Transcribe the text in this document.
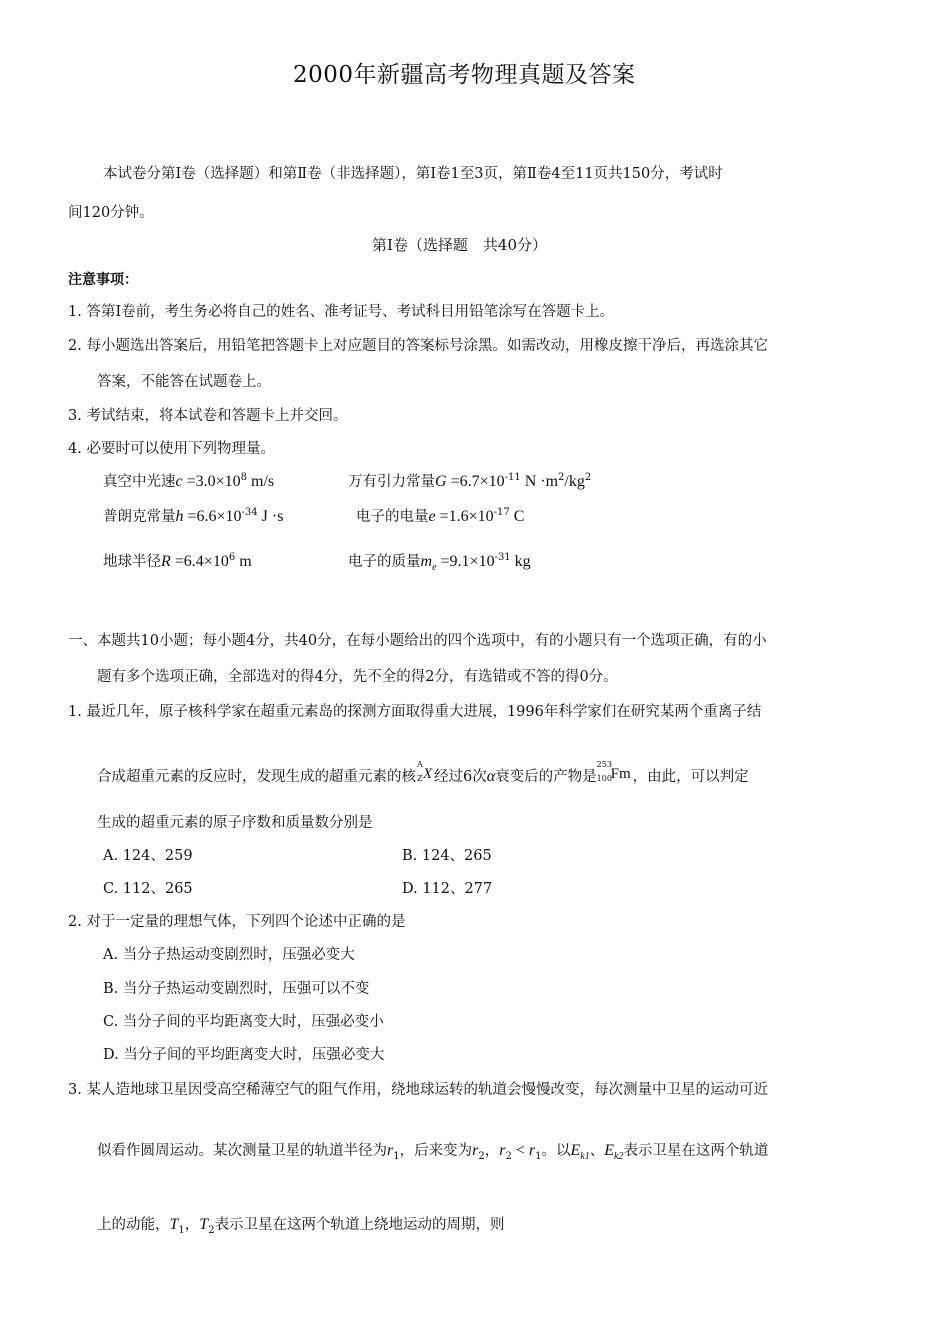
2000年新疆高考物理真题及答案
本试卷分第Ⅰ卷（选择题）和第Ⅱ卷（非选择题），第Ⅰ卷1至3页，第Ⅱ卷4至11页共150分，考试时
间120分钟。
第Ⅰ卷（选择题　共40分）
注意事项：
1. 答第Ⅰ卷前，考生务必将自己的姓名、准考证号、考试科目用铅笔涂写在答题卡上。
2. 每小题选出答案后，用铅笔把答题卡上对应题目的答案标号涂黑。如需改动，用橡皮擦干净后，再选涂其它
答案，不能答在试题卷上。
3. 考试结束，将本试卷和答题卡上并交回。
4. 必要时可以使用下列物理量。
真空中光速$c =3.0\times 10^8$ m/s	万有引力常量$G =6.7\times 10^{-11}$ $N \cdot m^2/kg^2$
普朗克常量$h =6.6\times 10^{-34}$ J ·s	电子的电量$e =1.6\times 10^{-17}$ C
地球半径$R =6.4\times 10^6$ m	电子的质量$m_e =9.1\times 10^{-31}$ kg
一、本题共10小题；每小题4分，共40分，在每小题给出的四个选项中，有的小题只有一个选项正确，有的小
题有多个选项正确，全部选对的得4分，先不全的得2分，有选错或不答的得0分。
1. 最近几年，原子核科学家在超重元素岛的探测方面取得重大进展，1996年科学家们在研究某两个重离子结
合成超重元素的反应时，发现生成的超重元素的核
A
Z X 经过6次α衰变后的产物是
253
100
Fm ，由此，可以判定
生成的超重元素的原子序数和质量数分别是
A. 124、259	B. 124、265
C. 112、265	D. 112、277
2. 对于一定量的理想气体，下列四个论述中正确的是
A. 当分子热运动变剧烈时，压强必变大
B. 当分子热运动变剧烈时，压强可以不变
C. 当分子间的平均距离变大时，压强必变小
D. 当分子间的平均距离变大时，压强必变大
3. 某人造地球卫星因受高空稀薄空气的阻气作用，绕地球运转的轨道会慢慢改变，每次测量中卫星的运动可近
似看作圆周运动。某次测量卫星的轨道半径为$r_1$，后来变为$r_2$，$r_2 < r_1$。以$E_{k1}$、$E_{k2}$表示卫星在这两个轨道
上的动能，$T_1$，$T_2$表示卫星在这两个轨道上绕地运动的周期，则
